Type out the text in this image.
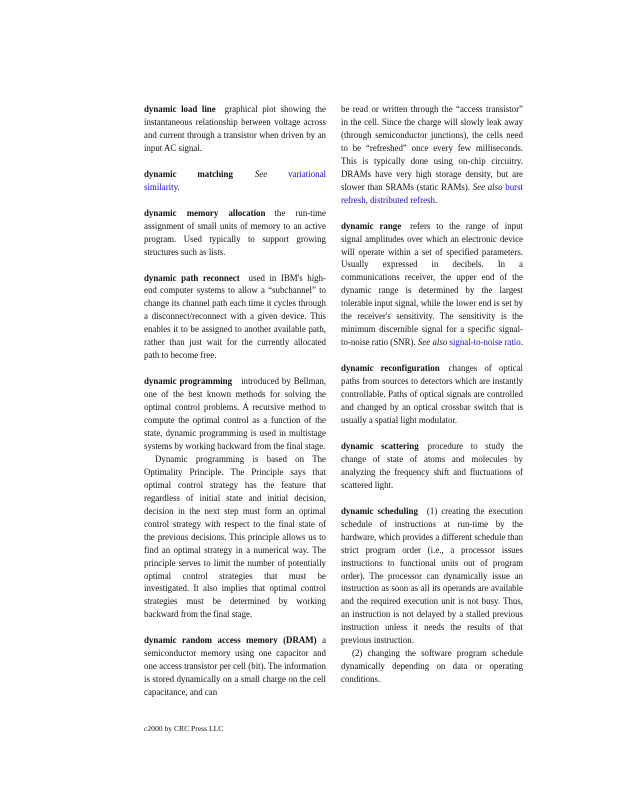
dynamic load line graphical plot showing the instantaneous relationship between voltage across and current through a transistor when driven by an input AC signal.

dynamic matching See variational similarity.

dynamic memory allocation the run-time assignment of small units of memory to an active program. Used typically to support growing structures such as lists.

dynamic path reconnect used in IBM's high-end computer systems to allow a “subchannel” to change its channel path each time it cycles through a disconnect/reconnect with a given device. This enables it to be assigned to another available path, rather than just wait for the currently allocated path to become free.

dynamic programming introduced by Bellman, one of the best known methods for solving the optimal control problems. A recursive method to compute the optimal control as a function of the state, dynamic programming is used in multistage systems by working backward from the final stage.

Dynamic programming is based on The Optimality Principle. The Principle says that optimal control strategy has the feature that regardless of initial state and initial decision, decision in the next step must form an optimal control strategy with respect to the final state of the previous decisions. This principle allows us to find an optimal strategy in a numerical way. The principle serves to limit the number of potentially optimal control strategies that must be investigated. It also implies that optimal control strategies must be determined by working backward from the final stage.

dynamic random access memory (DRAM) a semiconductor memory using one capacitor and one access transistor per cell (bit). The information is stored dynamically on a small charge on the cell capacitance, and can

be read or written through the “access transistor” in the cell. Since the charge will slowly leak away (through semiconductor junctions), the cells need to be “refreshed” once every few milliseconds. This is typically done using on-chip circuitry. DRAMs have very high storage density, but are slower than SRAMs (static RAMs). See also burst refresh, distributed refresh.

dynamic range refers to the range of input signal amplitudes over which an electronic device will operate within a set of specified parameters. Usually expressed in decibels. In a communications receiver, the upper end of the dynamic range is determined by the largest tolerable input signal, while the lower end is set by the receiver's sensitivity. The sensitivity is the minimum discernible signal for a specific signal-to-noise ratio (SNR). See also signal-to-noise ratio.

dynamic reconfiguration changes of optical paths from sources to detectors which are instantly controllable. Paths of optical signals are controlled and changed by an optical crossbar switch that is usually a spatial light modulator.

dynamic scattering procedure to study the change of state of atoms and molecules by analyzing the frequency shift and fluctuations of scattered light.

dynamic scheduling (1) creating the execution schedule of instructions at run-time by the hardware, which provides a different schedule than strict program order (i.e., a processor issues instructions to functional units out of program order). The processor can dynamically issue an instruction as soon as all its operands are available and the required execution unit is not busy. Thus, an instruction is not delayed by a stalled previous instruction unless it needs the results of that previous instruction.

(2) changing the software program schedule dynamically depending on data or operating conditions.

c2000 by CRC Press LLC
